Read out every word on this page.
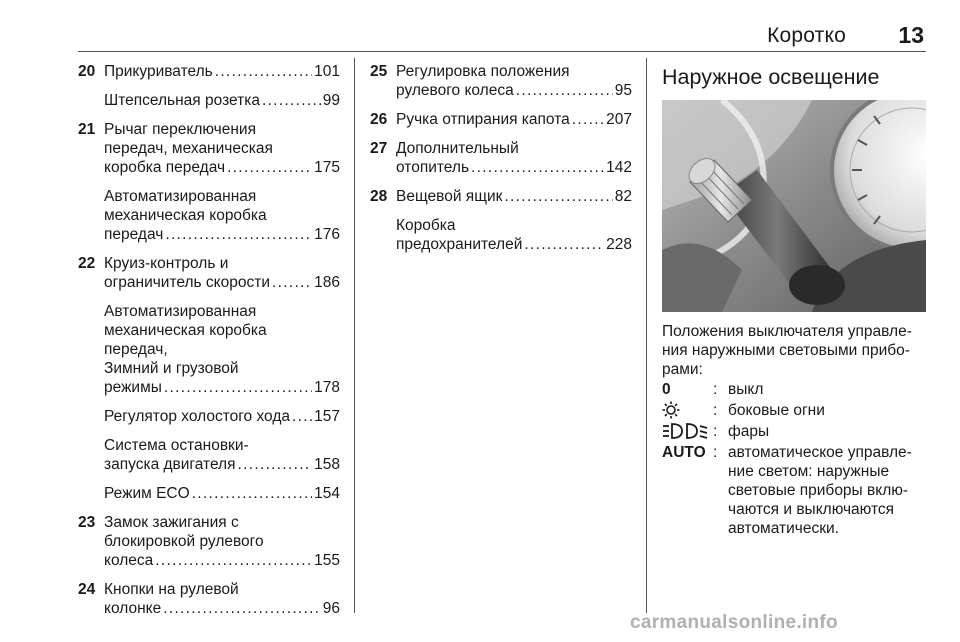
Коротко 13
20 Прикуриватель . . .	101
Штепсельная розетка . . .	99
21 Рычаг переключения
передач, механическая
коробка передач . . .	175
Автоматизированная
механическая коробка
передач . . .	176
22 Круиз-контроль и
ограничитель скорости . . .	186
Автоматизированная
механическая коробка
передач,
Зимний и грузовой
режимы . . .	178
Регулятор холостого хода . . . 157
Система остановки-
запуска двигателя . . .	158
Режим ECO . . .	154
23 Замок зажигания с
блокировкой рулевого
колеса . . .	155
24 Кнопки на рулевой
колонке . . .	96
25 Регулировка положения
рулевого колеса . . .	95
26 Ручка отпирания капота . . . 207
27 Дополнительный
отопитель . . .	142
28 Вещевой ящик . . .	82
Коробка
предохранителей . . .	228
Наружное освещение
Положения выключателя управле-ния наружными световыми прибо-рами:
0	: выкл
: боковые огни
: фары
AUTO : автоматическое управле-ние светом: наружные световые приборы вклю-чаются и выключаются автоматически.
carmanualsonline.info
